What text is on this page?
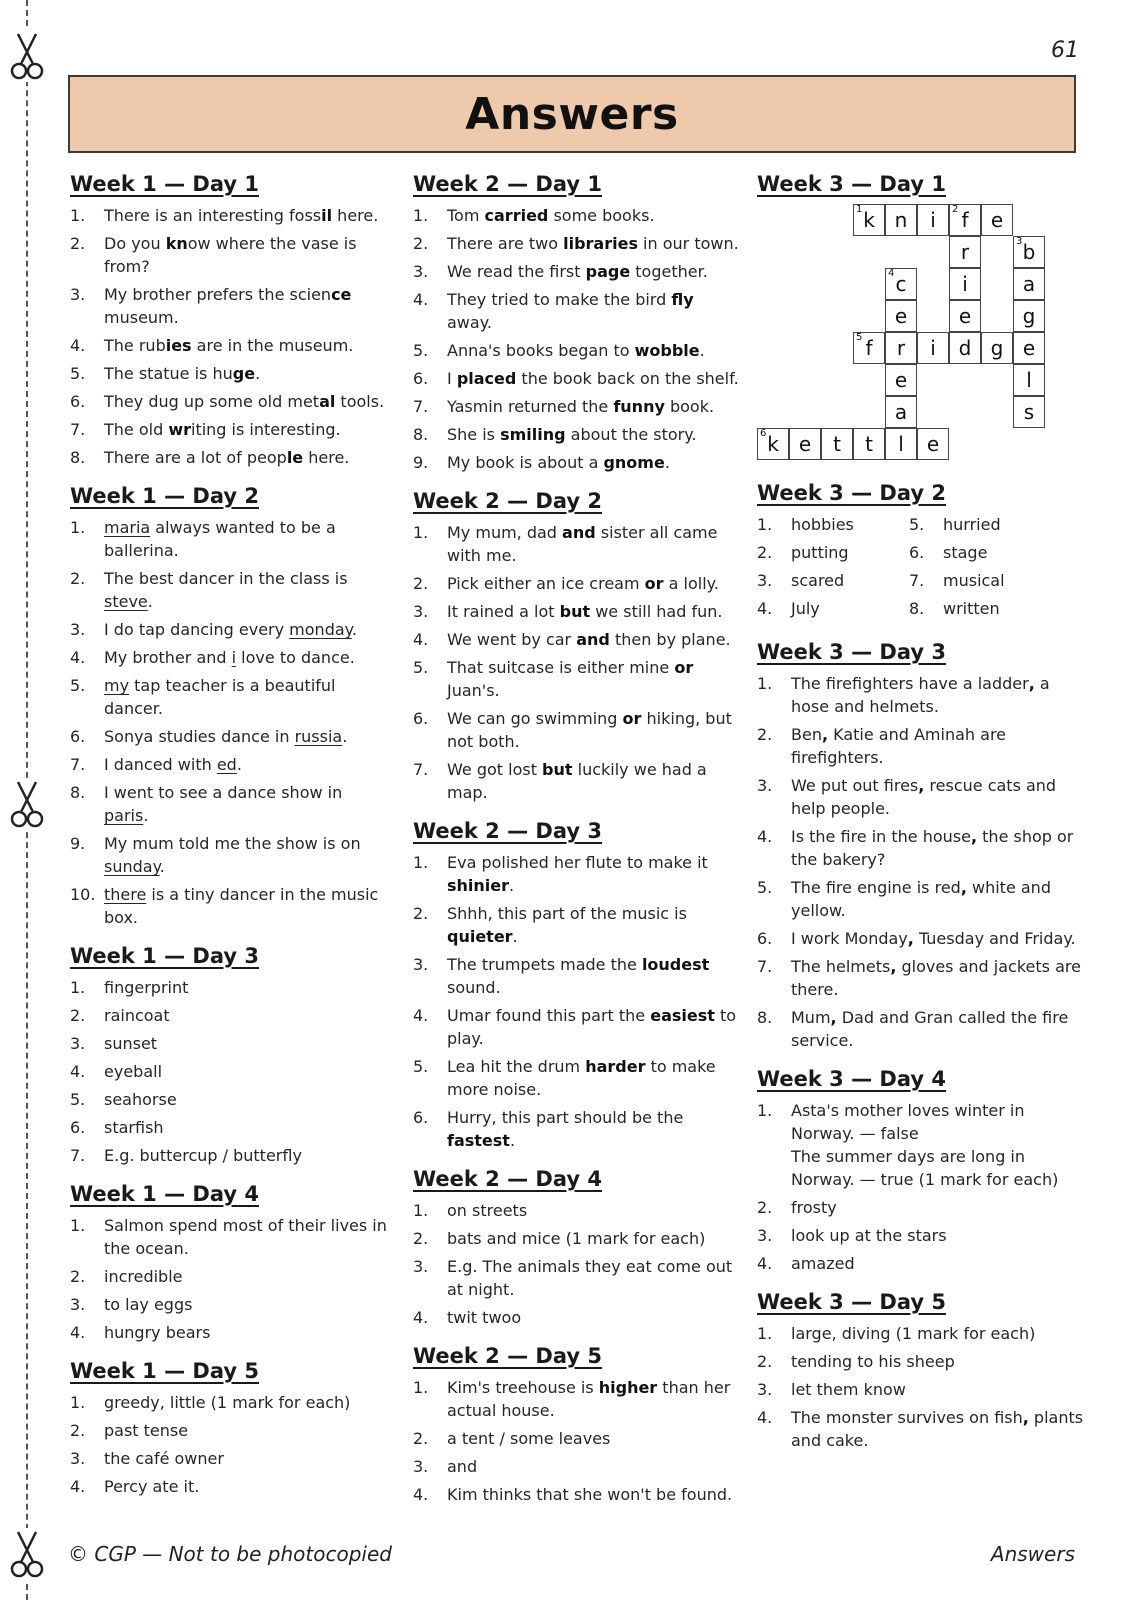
61
Answers
Week 1 — Day 1
1.	There is an interesting fossil here.
2.	Do you know where the vase is from?
3.	My brother prefers the science museum.
4.	The rubies are in the museum.
5.	The statue is huge.
6.	They dug up some old metal tools.
7.	The old writing is interesting.
8.	There are a lot of people here.
Week 1 — Day 2
1.	maria always wanted to be a ballerina.
2.	The best dancer in the class is steve.
3.	I do tap dancing every monday.
4.	My brother and i love to dance.
5.	my tap teacher is a beautiful dancer.
6.	Sonya studies dance in russia.
7.	I danced with ed.
8.	I went to see a dance show in paris.
9.	My mum told me the show is on sunday.
10. there is a tiny dancer in the music box.
Week 1 — Day 3
1.	fingerprint
2.	raincoat
3.	sunset
4.	eyeball
5.	seahorse
6.	starfish
7.	E.g. buttercup / butterfly
Week 1 — Day 4
1.	Salmon spend most of their lives in the ocean.
2.	incredible
3.	to lay eggs
4.	hungry bears
Week 1 — Day 5
1.	greedy, little (1 mark for each)
2.	past tense
3.	the café owner
4.	Percy ate it.
Week 2 — Day 1
1.	Tom carried some books.
2.	There are two libraries in our town.
3.	We read the first page together.
4.	They tried to make the bird fly away.
5.	Anna's books began to wobble.
6.	I placed the book back on the shelf.
7.	Yasmin returned the funny book.
8.	She is smiling about the story.
9.	My book is about a gnome.
Week 2 — Day 2
1.	My mum, dad and sister all came with me.
2.	Pick either an ice cream or a lolly.
3.	It rained a lot but we still had fun.
4.	We went by car and then by plane.
5.	That suitcase is either mine or Juan's.
6.	We can go swimming or hiking, but not both.
7.	We got lost but luckily we had a map.
Week 2 — Day 3
1.	Eva polished her flute to make it shinier.
2.	Shhh, this part of the music is quieter.
3.	The trumpets made the loudest sound.
4.	Umar found this part the easiest to play.
5.	Lea hit the drum harder to make more noise.
6.	Hurry, this part should be the fastest.
Week 2 — Day 4
1.	on streets
2.	bats and mice (1 mark for each)
3.	E.g. The animals they eat come out at night.
4.	twit twoo
Week 2 — Day 5
1.	Kim's treehouse is higher than her actual house.
2.	a tent / some leaves
3.	and
4.	Kim thinks that she won't be found.
Week 3 — Day 1
1 k n i 2 f e
r	3 b
4 c	i	a
e	e	g
5 f r i d g e
e	l
a	s
6 k e t t l e
Week 3 — Day 2
1.	hobbies	5.	hurried
2.	putting	6.	stage
3.	scared	7.	musical
4.	July	8.	written
Week 3 — Day 3
1.	The firefighters have a ladder, a hose and helmets.
2.	Ben, Katie and Aminah are firefighters.
3.	We put out fires, rescue cats and help people.
4.	Is the fire in the house, the shop or the bakery?
5.	The fire engine is red, white and yellow.
6.	I work Monday, Tuesday and Friday.
7.	The helmets, gloves and jackets are there.
8.	Mum, Dad and Gran called the fire service.
Week 3 — Day 4
1.	Asta's mother loves winter in Norway. — false
The summer days are long in Norway. — true (1 mark for each)
2.	frosty
3.	look up at the stars
4.	amazed
Week 3 — Day 5
1.	large, diving (1 mark for each)
2.	tending to his sheep
3.	let them know
4.	The monster survives on fish, plants and cake.
© CGP — Not to be photocopied	Answers
